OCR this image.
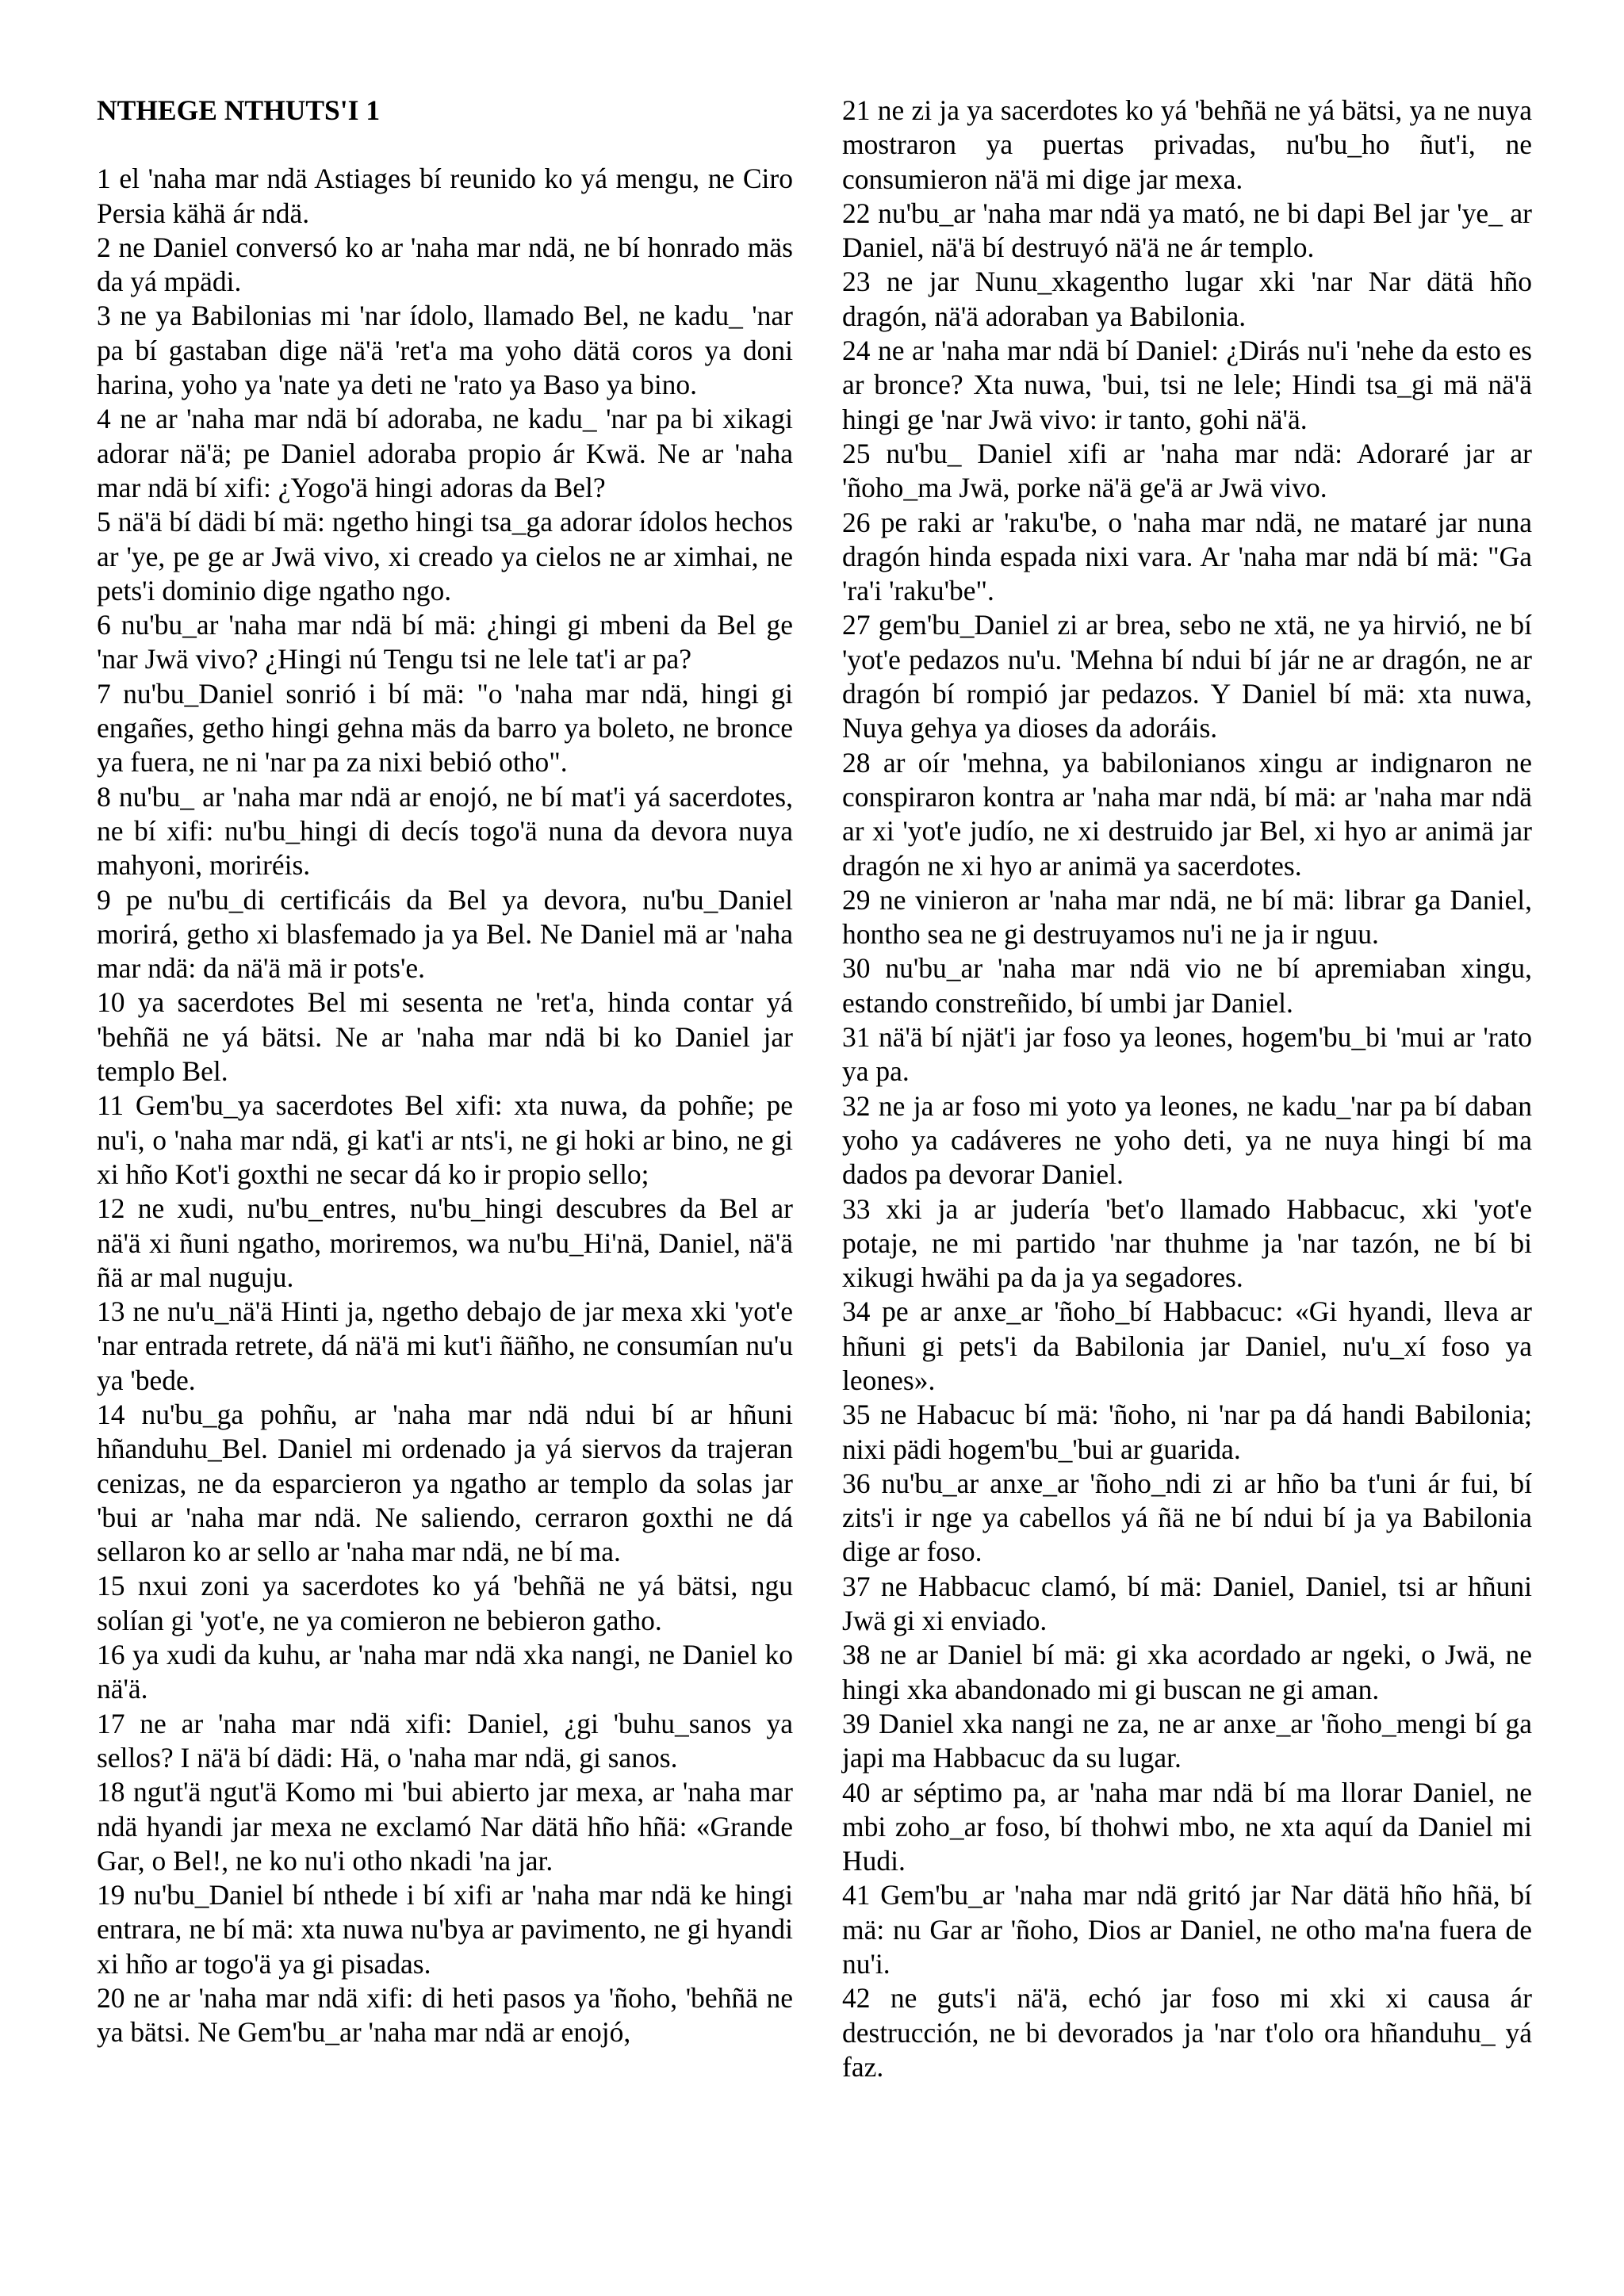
NTHEGE NTHUTS'I 1

1 el 'naha mar ndä Astiages bí reunido ko yá mengu, ne Ciro Persia kähä ár ndä.

2 ne Daniel conversó ko ar 'naha mar ndä, ne bí honrado mäs da yá mpädi.

3 ne ya Babilonias mi 'nar ídolo, llamado Bel, ne kadu_ 'nar pa bí gastaban dige nä'ä 'ret'a ma yoho dätä coros ya doni harina, yoho ya 'nate ya deti ne 'rato ya Baso ya bino.

4 ne ar 'naha mar ndä bí adoraba, ne kadu_ 'nar pa bi xikagi adorar nä'ä; pe Daniel adoraba propio ár Kwä. Ne ar 'naha mar ndä bí xifi: ¿Yogo'ä hingi adoras da Bel?

5 nä'ä bí dädi bí mä: ngetho hingi tsa_ga adorar ídolos hechos ar 'ye, pe ge ar Jwä vivo, xi creado ya cielos ne ar ximhai, ne pets'i dominio dige ngatho ngo.

6 nu'bu_ar 'naha mar ndä bí mä: ¿hingi gi mbeni da Bel ge 'nar Jwä vivo? ¿Hingi nú Tengu tsi ne lele tat'i ar pa?

7 nu'bu_Daniel sonrió i bí mä: "o 'naha mar ndä, hingi gi engañes, getho hingi gehna mäs da barro ya boleto, ne bronce ya fuera, ne ni 'nar pa za nixi bebió otho".

8 nu'bu_ ar 'naha mar ndä ar enojó, ne bí mat'i yá sacerdotes, ne bí xifi: nu'bu_hingi di decís togo'ä nuna da devora nuya mahyoni, moriréis.

9 pe nu'bu_di certificáis da Bel ya devora, nu'bu_Daniel morirá, getho xi blasfemado ja ya Bel. Ne Daniel mä ar 'naha mar ndä: da nä'ä mä ir pots'e.

10 ya sacerdotes Bel mi sesenta ne 'ret'a, hinda contar yá 'behñä ne yá bätsi. Ne ar 'naha mar ndä bi ko Daniel jar templo Bel.

11 Gem'bu_ya sacerdotes Bel xifi: xta nuwa, da pohñe; pe nu'i, o 'naha mar ndä, gi kat'i ar nts'i, ne gi hoki ar bino, ne gi xi hño Kot'i goxthi ne secar dá ko ir propio sello;

12 ne xudi, nu'bu_entres, nu'bu_hingi descubres da Bel ar nä'ä xi ñuni ngatho, moriremos, wa nu'bu_Hi'nä, Daniel, nä'ä ñä ar mal nuguju.

13 ne nu'u_nä'ä Hinti ja, ngetho debajo de jar mexa xki 'yot'e 'nar entrada retrete, dá nä'ä mi kut'i ñäñho, ne consumían nu'u ya 'bede.

14 nu'bu_ga pohñu, ar 'naha mar ndä ndui bí ar hñuni hñanduhu_Bel. Daniel mi ordenado ja yá siervos da trajeran cenizas, ne da esparcieron ya ngatho ar templo da solas jar 'bui ar 'naha mar ndä. Ne saliendo, cerraron goxthi ne dá sellaron ko ar sello ar 'naha mar ndä, ne bí ma.

15 nxui zoni ya sacerdotes ko yá 'behñä ne yá bätsi, ngu solían gi 'yot'e, ne ya comieron ne bebieron gatho.

16 ya xudi da kuhu, ar 'naha mar ndä xka nangi, ne Daniel ko nä'ä.

17 ne ar 'naha mar ndä xifi: Daniel, ¿gi 'buhu_sanos ya sellos? I nä'ä bí dädi: Hä, o 'naha mar ndä, gi sanos.

18 ngut'ä ngut'ä Komo mi 'bui abierto jar mexa, ar 'naha mar ndä hyandi jar mexa ne exclamó Nar dätä hño hñä: «Grande Gar, o Bel!, ne ko nu'i otho nkadi 'na jar.

19 nu'bu_Daniel bí nthede i bí xifi ar 'naha mar ndä ke hingi entrara, ne bí mä: xta nuwa nu'bya ar pavimento, ne gi hyandi xi hño ar togo'ä ya gi pisadas.

20 ne ar 'naha mar ndä xifi: di heti pasos ya 'ñoho, 'behñä ne ya bätsi. Ne Gem'bu_ar 'naha mar ndä ar enojó,

21 ne zi ja ya sacerdotes ko yá 'behñä ne yá bätsi, ya ne nuya mostraron ya puertas privadas, nu'bu_ho ñut'i, ne consumieron nä'ä mi dige jar mexa.

22 nu'bu_ar 'naha mar ndä ya mató, ne bi dapi Bel jar 'ye_ ar Daniel, nä'ä bí destruyó nä'ä ne ár templo.

23 ne jar Nunu_xkagentho lugar xki 'nar Nar dätä hño dragón, nä'ä adoraban ya Babilonia.

24 ne ar 'naha mar ndä bí Daniel: ¿Dirás nu'i 'nehe da esto es ar bronce? Xta nuwa, 'bui, tsi ne lele; Hindi tsa_gi mä nä'ä hingi ge 'nar Jwä vivo: ir tanto, gohi nä'ä.

25 nu'bu_ Daniel xifi ar 'naha mar ndä: Adoraré jar ar 'ñoho_ma Jwä, porke nä'ä ge'ä ar Jwä vivo.

26 pe raki ar 'raku'be, o 'naha mar ndä, ne mataré jar nuna dragón hinda espada nixi vara. Ar 'naha mar ndä bí mä: "Ga 'ra'i 'raku'be".

27 gem'bu_Daniel zi ar brea, sebo ne xtä, ne ya hirvió, ne bí 'yot'e pedazos nu'u. 'Mehna bí ndui bí jár ne ar dragón, ne ar dragón bí rompió jar pedazos. Y Daniel bí mä: xta nuwa, Nuya gehya ya dioses da adoráis.

28 ar oír 'mehna, ya babilonianos xingu ar indignaron ne conspiraron kontra ar 'naha mar ndä, bí mä: ar 'naha mar ndä ar xi 'yot'e judío, ne xi destruido jar Bel, xi hyo ar animä jar dragón ne xi hyo ar animä ya sacerdotes.

29 ne vinieron ar 'naha mar ndä, ne bí mä: librar ga Daniel, hontho sea ne gi destruyamos nu'i ne ja ir nguu.

30 nu'bu_ar 'naha mar ndä vio ne bí apremiaban xingu, estando constreñido, bí umbi jar Daniel.

31 nä'ä bí njät'i jar foso ya leones, hogem'bu_bi 'mui ar 'rato ya pa.

32 ne ja ar foso mi yoto ya leones, ne kadu_'nar pa bí daban yoho ya cadáveres ne yoho deti, ya ne nuya hingi bí ma dados pa devorar Daniel.

33 xki ja ar judería 'bet'o llamado Habbacuc, xki 'yot'e potaje, ne mi partido 'nar thuhme ja 'nar tazón, ne bí bi xikugi hwähi pa da ja ya segadores.

34 pe ar anxe_ar 'ñoho_bí Habbacuc: «Gi hyandi, lleva ar hñuni gi pets'i da Babilonia jar Daniel, nu'u_xí foso ya leones».

35 ne Habacuc bí mä: 'ñoho, ni 'nar pa dá handi Babilonia; nixi pädi hogem'bu_'bui ar guarida.

36 nu'bu_ar anxe_ar 'ñoho_ndi zi ar hño ba t'uni ár fui, bí zits'i ir nge ya cabellos yá ñä ne bí ndui bí ja ya Babilonia dige ar foso.

37 ne Habbacuc clamó, bí mä: Daniel, Daniel, tsi ar hñuni Jwä gi xi enviado.

38 ne ar Daniel bí mä: gi xka acordado ar ngeki, o Jwä, ne hingi xka abandonado mi gi buscan ne gi aman.

39 Daniel xka nangi ne za, ne ar anxe_ar 'ñoho_mengi bí ga japi ma Habbacuc da su lugar.

40 ar séptimo pa, ar 'naha mar ndä bí ma llorar Daniel, ne mbi zoho_ar foso, bí thohwi mbo, ne xta aquí da Daniel mi Hudi.

41 Gem'bu_ar 'naha mar ndä gritó jar Nar dätä hño hñä, bí mä: nu Gar ar 'ñoho, Dios ar Daniel, ne otho ma'na fuera de nu'i.

42 ne guts'i nä'ä, echó jar foso mi xki xi causa ár destrucción, ne bi devorados ja 'nar t'olo ora hñanduhu_ yá faz.
